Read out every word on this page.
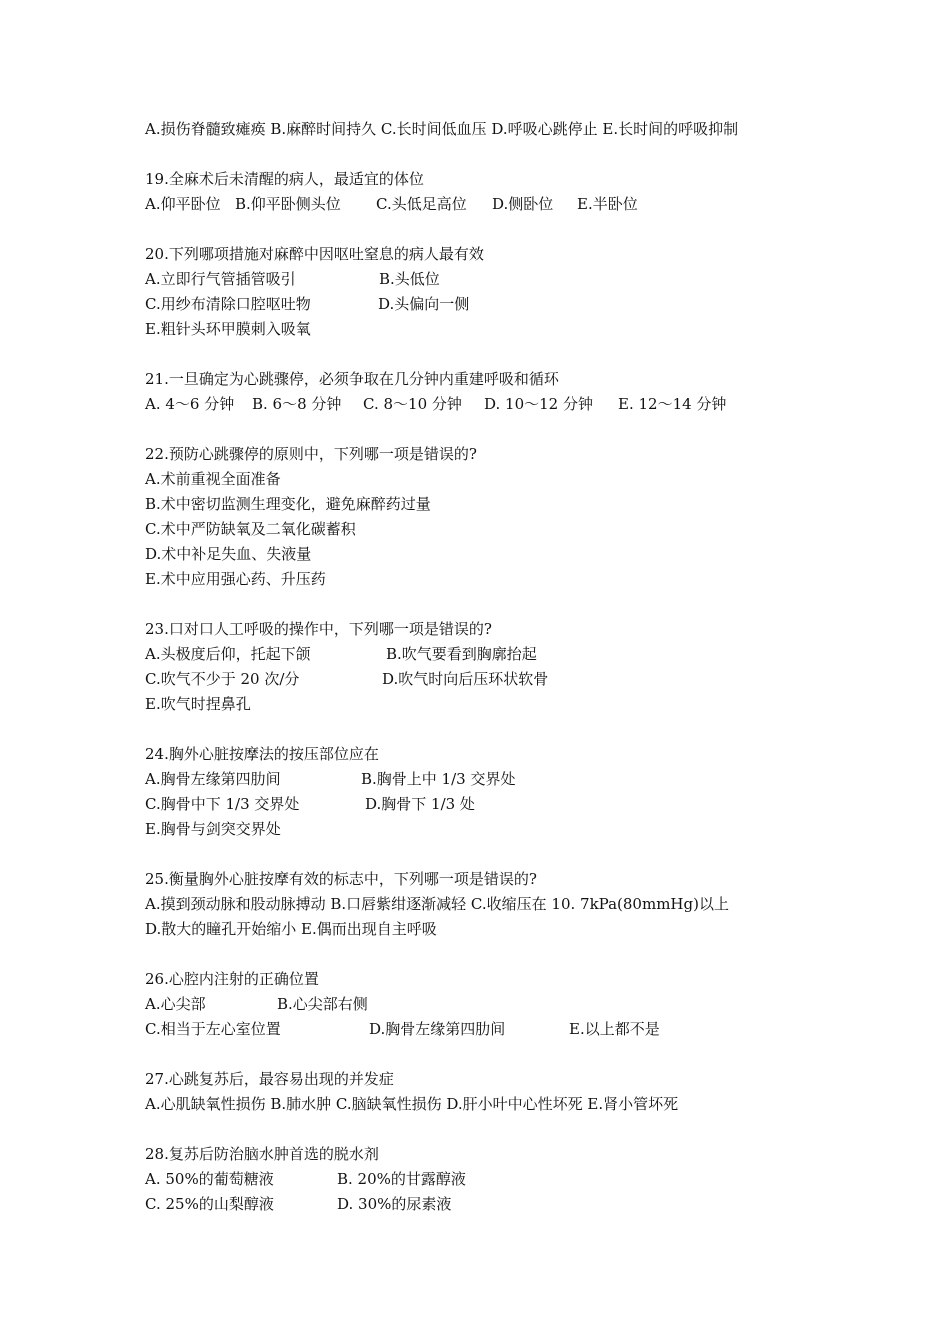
A.损伤脊髓致瘫痪 B.麻醉时间持久 C.长时间低血压 D.呼吸心跳停止 E.长时间的呼吸抑制
19.全麻术后未清醒的病人，最适宜的体位
A.仰平卧位 B.仰平卧侧头位 C.头低足高位 D.侧卧位 E.半卧位
20.下列哪项措施对麻醉中因呕吐窒息的病人最有效
A.立即行气管插管吸引	B.头低位
C.用纱布清除口腔呕吐物	D.头偏向一侧
E.粗针头环甲膜刺入吸氧
21.一旦确定为心跳骤停，必须争取在几分钟内重建呼吸和循环
A. 4～6 分钟 B. 6～8 分钟 C. 8～10 分钟 D. 10～12 分钟 E. 12～14 分钟
22.预防心跳骤停的原则中，下列哪一项是错误的?
A.术前重视全面准备
B.术中密切监测生理变化，避免麻醉药过量
C.术中严防缺氧及二氧化碳蓄积
D.术中补足失血、失液量
E.术中应用强心药、升压药
23.口对口人工呼吸的操作中，下列哪一项是错误的?
A.头极度后仰，托起下颌	B.吹气要看到胸廓抬起
C.吹气不少于 20 次/分	D.吹气时向后压环状软骨
E.吹气时捏鼻孔
24.胸外心脏按摩法的按压部位应在
A.胸骨左缘第四肋间	B.胸骨上中 1/3 交界处
C.胸骨中下 1/3 交界处	D.胸骨下 1/3 处
E.胸骨与剑突交界处
25.衡量胸外心脏按摩有效的标志中，下列哪一项是错误的?
A.摸到颈动脉和股动脉搏动 B.口唇紫绀逐渐减轻 C.收缩压在 10. 7kPa(80mmHg)以上
D.散大的瞳孔开始缩小 E.偶而出现自主呼吸
26.心腔内注射的正确位置
A.心尖部	B.心尖部右侧
C.相当于左心室位置	D.胸骨左缘第四肋间	E.以上都不是
27.心跳复苏后，最容易出现的并发症
A.心肌缺氧性损伤 B.肺水肿 C.脑缺氧性损伤 D.肝小叶中心性坏死 E.肾小管坏死
28.复苏后防治脑水肿首选的脱水剂
A. 50%的葡萄糖液	B. 20%的甘露醇液
C. 25%的山梨醇液	D. 30%的尿素液
